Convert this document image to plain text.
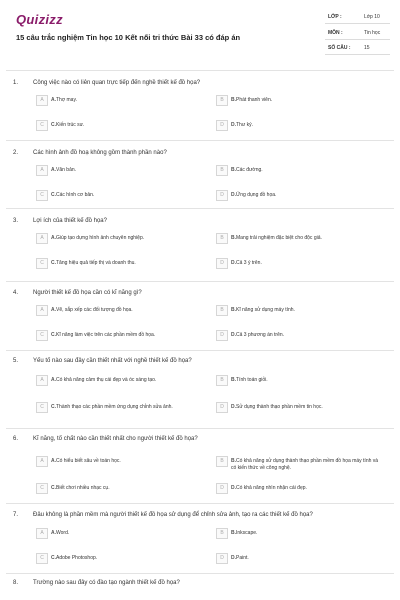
Quizizz
15 câu trắc nghiệm Tin học 10 Kết nối tri thức Bài 33 có đáp án
LỚP :	Lớp 10
MÔN :	Tin học
SỐ CÂU :	15
1. Công việc nào có liên quan trực tiếp đến nghề thiết kế đồ họa?
A	A.Thợ may.	B	B.Phát thanh viên.
C	C.Kiến trúc sư.	D	D.Thư ký.
2. Các hình ảnh đồ hoạ không gồm thành phần nào?
A	A.Văn bản.	B	B.Các đường.
C	C.Các hình cơ bản.	D	D.Ứng dụng đồ họa.
3. Lợi ích của thiết kế đồ họa?
A	A.Giúp tạo dựng hình ảnh chuyên nghiệp.	B	B.Mang trải nghiệm đặc biệt cho độc giả.
C	C.Tăng hiệu quả tiếp thị và doanh thu.	D	D.Cả 3 ý trên.
4. Người thiết kế đồ họa cần có kĩ năng gì?
A	A.Vẽ, sắp xếp các đối tượng đồ họa.	B	B.Kĩ năng sử dụng máy tính.
C	C.Kĩ năng làm việc trên các phần mềm đồ họa.	D	D.Cả 3 phương án trên.
5. Yếu tố nào sau đây cần thiết nhất với nghề thiết kế đồ họa?
A	A.Có khả năng cảm thụ cái đẹp và óc sáng tạo.	B	B.Tính toán giỏi.
C	C.Thành thạo các phần mềm ứng dụng chỉnh sửa ảnh.	D	D.Sử dụng thành thạo phần mềm tin học.
6. Kĩ năng, tố chất nào cần thiết nhất cho người thiết kế đồ họa?
A	A.Có hiểu biết sâu về toán học.	B	B.Có khả năng sử dụng thành thạo phần mềm đồ họa máy tính và có kiến thức về công nghệ.
C	C.Biết chơi nhiều nhạc cụ.	D	D.Có khả năng nhìn nhận cái đẹp.
7. Đâu không là phần mềm mà người thiết kế đồ họa sử dụng để chỉnh sửa ảnh, tạo ra các thiết kế đồ họa?
A	A.Word.	B	B.Inkscape.
C	C.Adobe Photoshop.	D	D.Paint.
8. Trường nào sau đây có đào tạo ngành thiết kế đồ họa?
